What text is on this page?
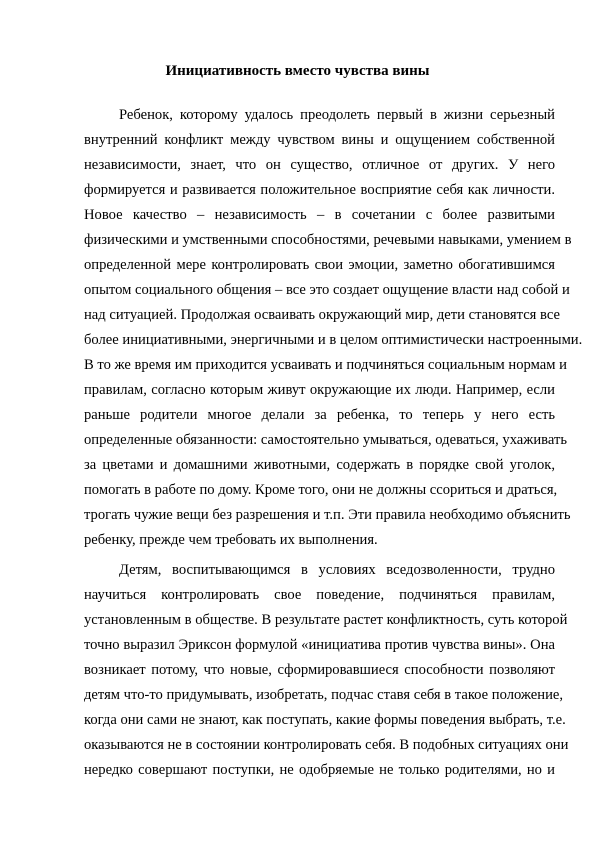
Инициативность вместо чувства вины

Ребенок, которому удалось преодолеть первый в жизни серьезный

внутренний конфликт между чувством вины и ощущением собственной

независимости, знает, что он существо, отличное от других. У него

формируется и развивается положительное восприятие себя как личности.

Новое качество – независимость – в сочетании с более развитыми

физическими и умственными способностями, речевыми навыками, умением в

определенной мере контролировать свои эмоции, заметно обогатившимся

опытом социального общения – все это создает ощущение власти над собой и

над ситуацией. Продолжая осваивать окружающий мир, дети становятся все

более инициативными, энергичными и в целом оптимистически настроенными.

В то же время им приходится усваивать и подчиняться социальным нормам и

правилам, согласно которым живут окружающие их люди. Например, если

раньше родители многое делали за ребенка, то теперь у него есть

определенные обязанности: самостоятельно умываться, одеваться, ухаживать

за цветами и домашними животными, содержать в порядке свой уголок,

помогать в работе по дому. Кроме того, они не должны ссориться и драться,

трогать чужие вещи без разрешения и т.п. Эти правила необходимо объяснить

ребенку, прежде чем требовать их выполнения.

Детям, воспитывающимся в условиях вседозволенности, трудно

научиться контролировать свое поведение, подчиняться правилам,

установленным в обществе. В результате растет конфликтность, суть которой

точно выразил Эриксон формулой «инициатива против чувства вины». Она

возникает потому, что новые, сформировавшиеся способности позволяют

детям что-то придумывать, изобретать, подчас ставя себя в такое положение,

когда они сами не знают, как поступать, какие формы поведения выбрать, т.е.

оказываются не в состоянии контролировать себя. В подобных ситуациях они

нередко совершают поступки, не одобряемые не только родителями, но и
